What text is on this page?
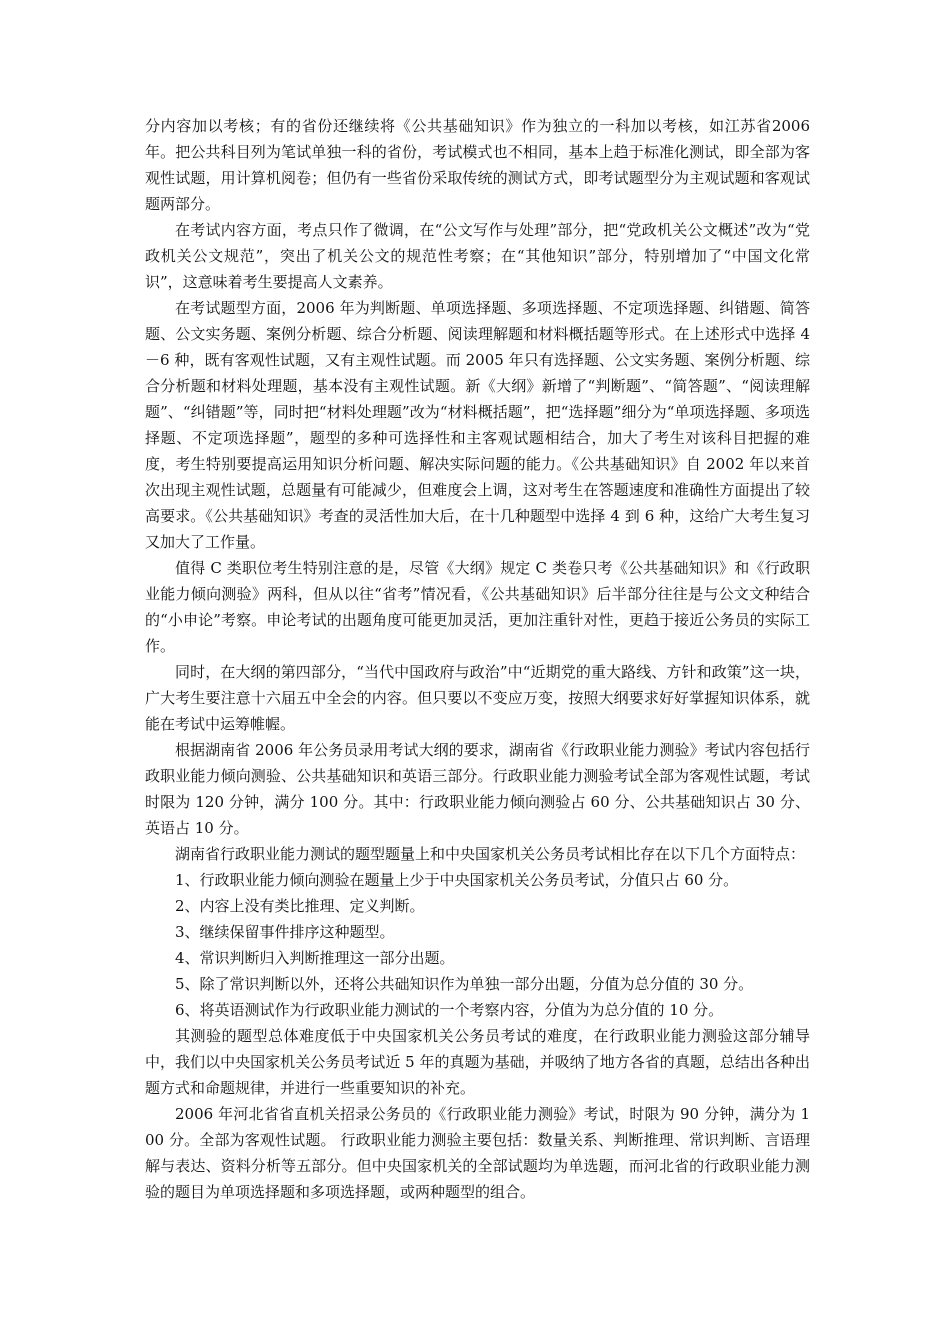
分内容加以考核；有的省份还继续将《公共基础知识》作为独立的一科加以考核，如江苏省2006 年。把公共科目列为笔试单独一科的省份，考试模式也不相同，基本上趋于标准化测试，即全部为客观性试题，用计算机阅卷；但仍有一些省份采取传统的测试方式，即考试题型分为主观试题和客观试题两部分。

在考试内容方面，考点只作了微调，在“公文写作与处理”部分，把“党政机关公文概述”改为“党政机关公文规范”，突出了机关公文的规范性考察；在“其他知识”部分，特别增加了“中国文化常识”，这意味着考生要提高人文素养。

在考试题型方面，2006 年为判断题、单项选择题、多项选择题、不定项选择题、纠错题、简答题、公文实务题、案例分析题、综合分析题、阅读理解题和材料概括题等形式。在上述形式中选择 4－6 种，既有客观性试题，又有主观性试题。而 2005 年只有选择题、公文实务题、案例分析题、综合分析题和材料处理题，基本没有主观性试题。新《大纲》新增了“判断题”、“简答题”、“阅读理解题”、“纠错题”等，同时把“材料处理题”改为“材料概括题”，把“选择题”细分为“单项选择题、多项选择题、不定项选择题”，题型的多种可选择性和主客观试题相结合，加大了考生对该科目把握的难度，考生特别要提高运用知识分析问题、解决实际问题的能力。《公共基础知识》自 2002 年以来首次出现主观性试题，总题量有可能减少，但难度会上调，这对考生在答题速度和准确性方面提出了较高要求。《公共基础知识》考查的灵活性加大后，在十几种题型中选择 4 到 6 种，这给广大考生复习又加大了工作量。

值得 C 类职位考生特别注意的是，尽管《大纲》规定 C 类卷只考《公共基础知识》和《行政职业能力倾向测验》两科，但从以往“省考”情况看，《公共基础知识》后半部分往往是与公文文种结合的“小申论”考察。申论考试的出题角度可能更加灵活，更加注重针对性，更趋于接近公务员的实际工作。

同时，在大纲的第四部分，“当代中国政府与政治”中“近期党的重大路线、方针和政策”这一块，广大考生要注意十六届五中全会的内容。但只要以不变应万变，按照大纲要求好好掌握知识体系，就能在考试中运筹帷幄。

根据湖南省 2006 年公务员录用考试大纲的要求，湖南省《行政职业能力测验》考试内容包括行政职业能力倾向测验、公共基础知识和英语三部分。行政职业能力测验考试全部为客观性试题，考试时限为 120 分钟，满分 100 分。其中：行政职业能力倾向测验占 60 分、公共基础知识占 30 分、英语占 10 分。

湖南省行政职业能力测试的题型题量上和中央国家机关公务员考试相比存在以下几个方面特点：

1、行政职业能力倾向测验在题量上少于中央国家机关公务员考试，分值只占 60 分。

2、内容上没有类比推理、定义判断。

3、继续保留事件排序这种题型。

4、常识判断归入判断推理这一部分出题。

5、除了常识判断以外，还将公共础知识作为单独一部分出题，分值为总分值的 30 分。

6、将英语测试作为行政职业能力测试的一个考察内容，分值为为总分值的 10 分。

其测验的题型总体难度低于中央国家机关公务员考试的难度，在行政职业能力测验这部分辅导中，我们以中央国家机关公务员考试近 5 年的真题为基础，并吸纳了地方各省的真题，总结出各种出题方式和命题规律，并进行一些重要知识的补充。

2006 年河北省省直机关招录公务员的《行政职业能力测验》考试，时限为 90 分钟，满分为 100 分。全部为客观性试题。 行政职业能力测验主要包括：数量关系、判断推理、常识判断、言语理解与表达、资料分析等五部分。但中央国家机关的全部试题均为单选题，而河北省的行政职业能力测验的题目为单项选择题和多项选择题，或两种题型的组合。
